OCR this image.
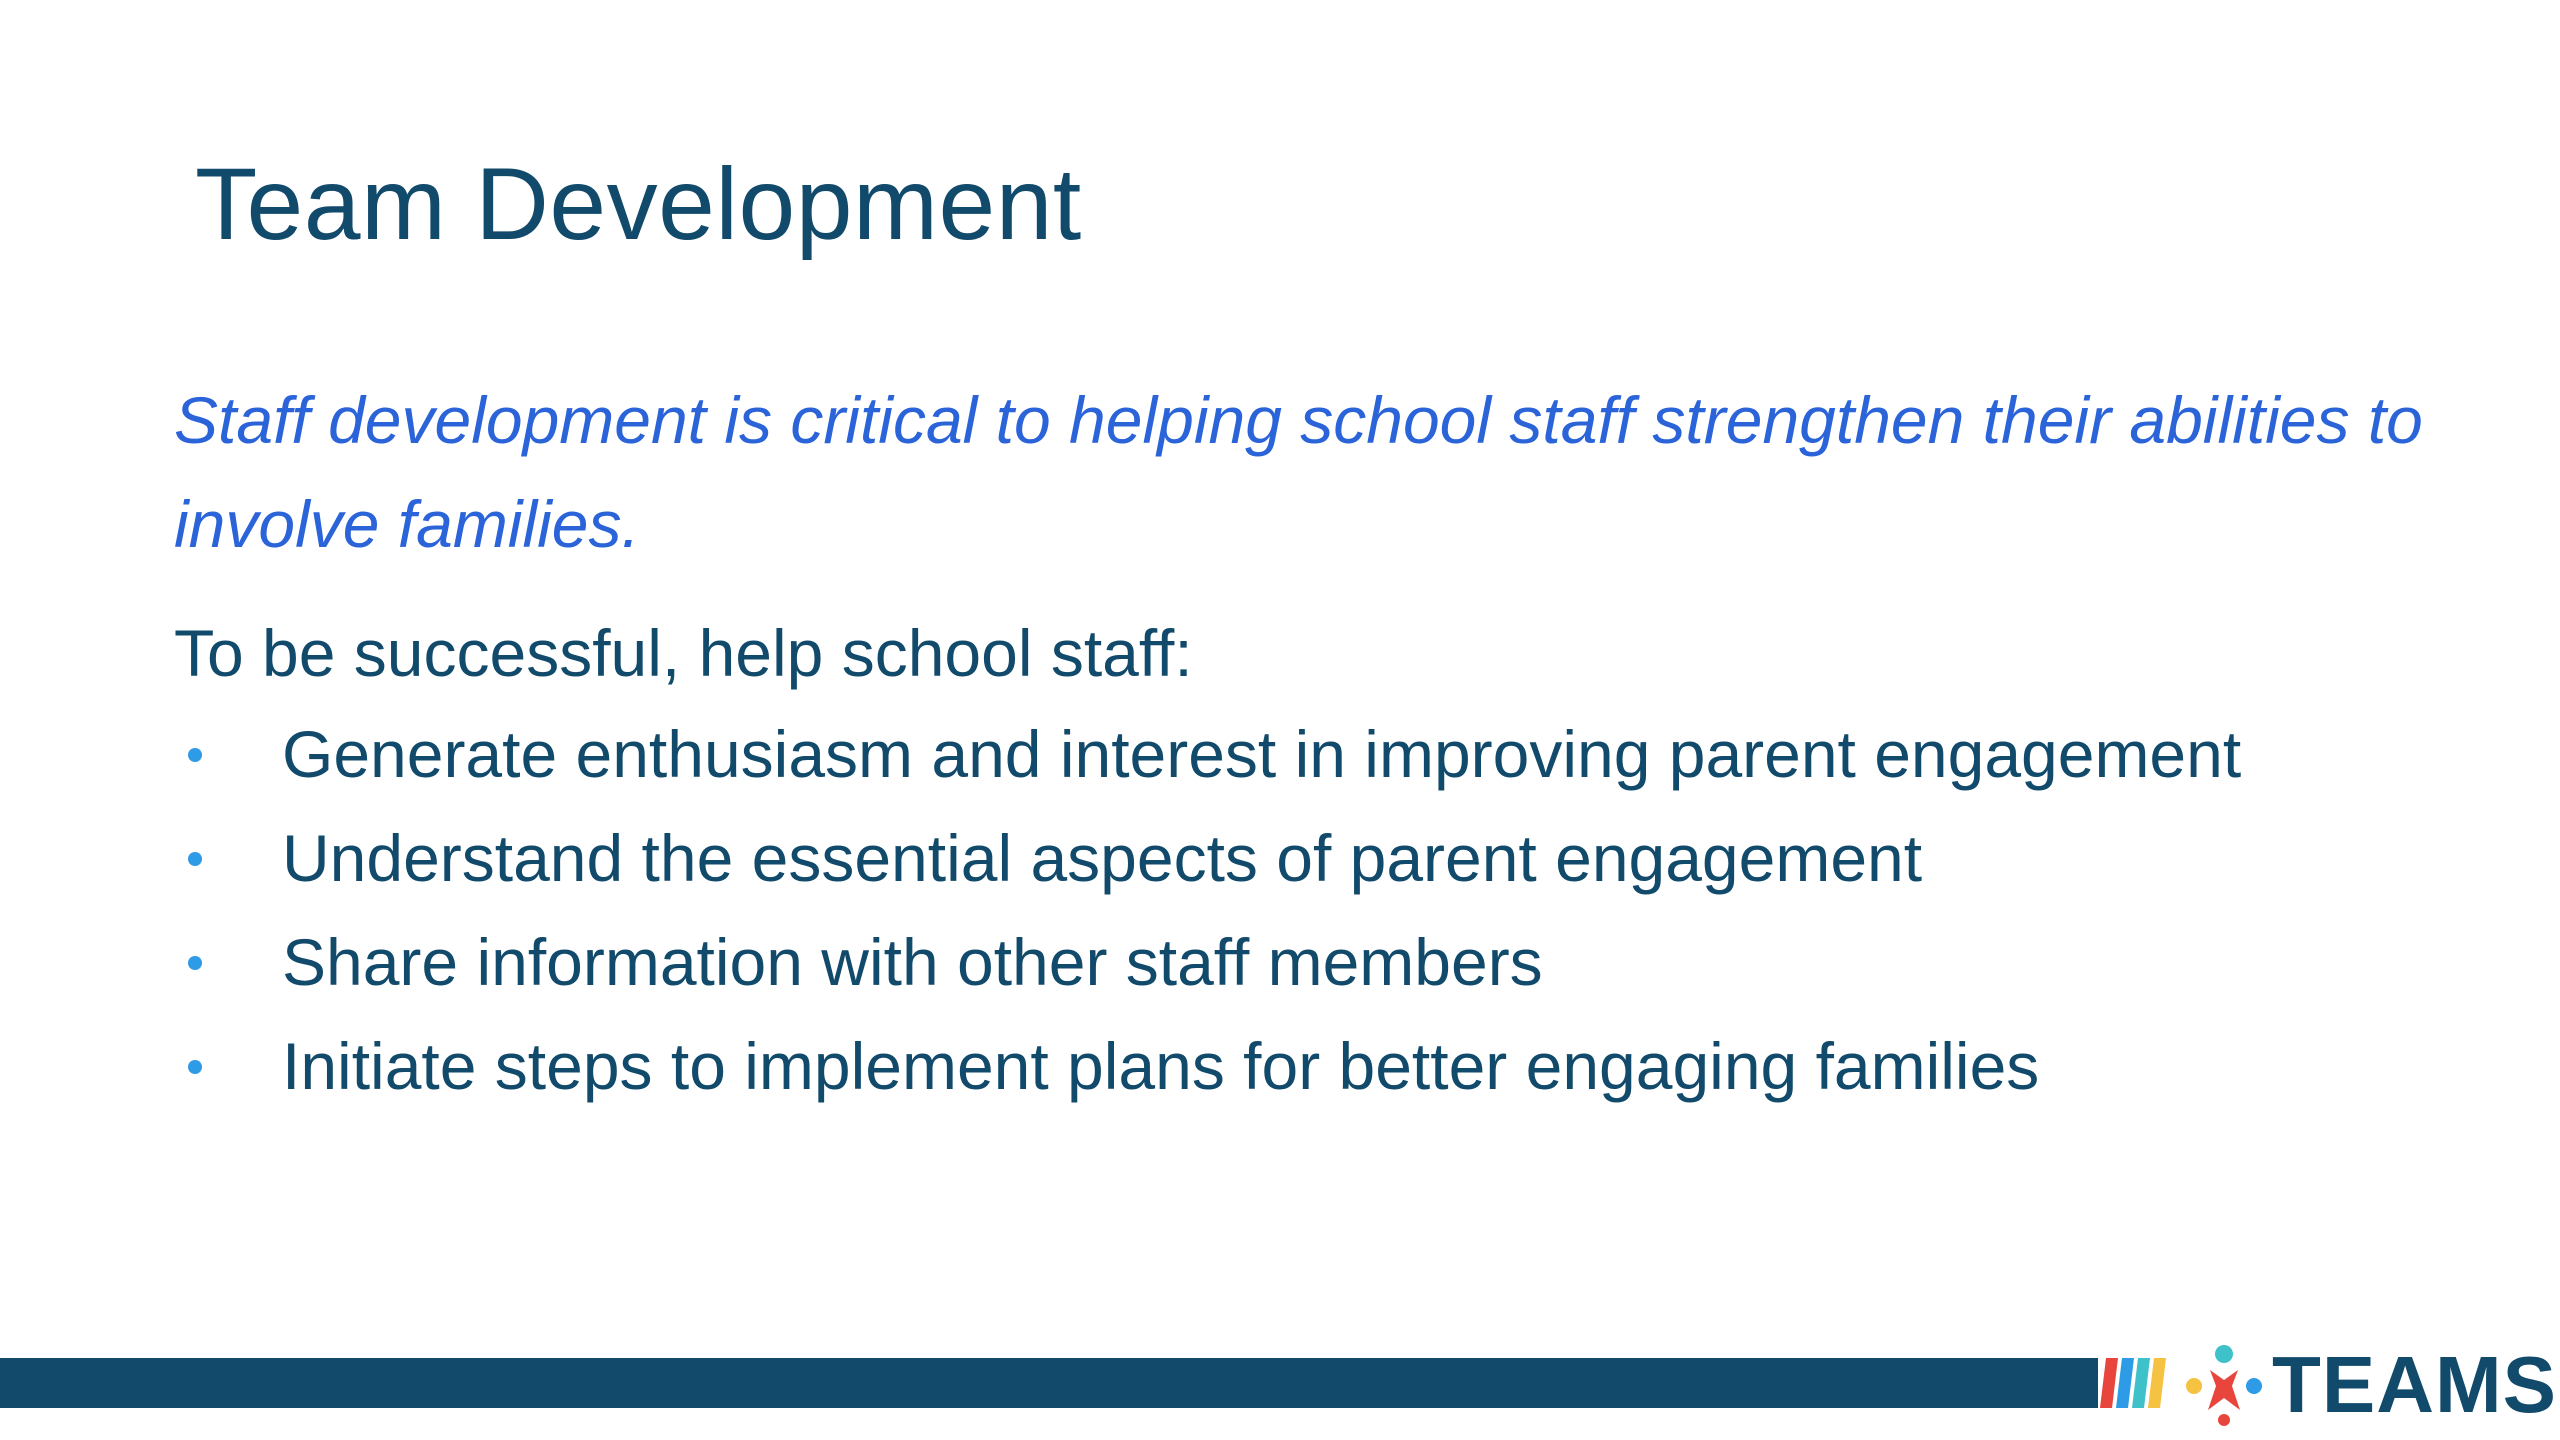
Team Development
Staff development is critical to helping school staff strengthen their abilities to involve families.
To be successful, help school staff:
Generate enthusiasm and interest in improving parent engagement
Understand the essential aspects of parent engagement
Share information with other staff members
Initiate steps to implement plans for better engaging families
TEAMS
